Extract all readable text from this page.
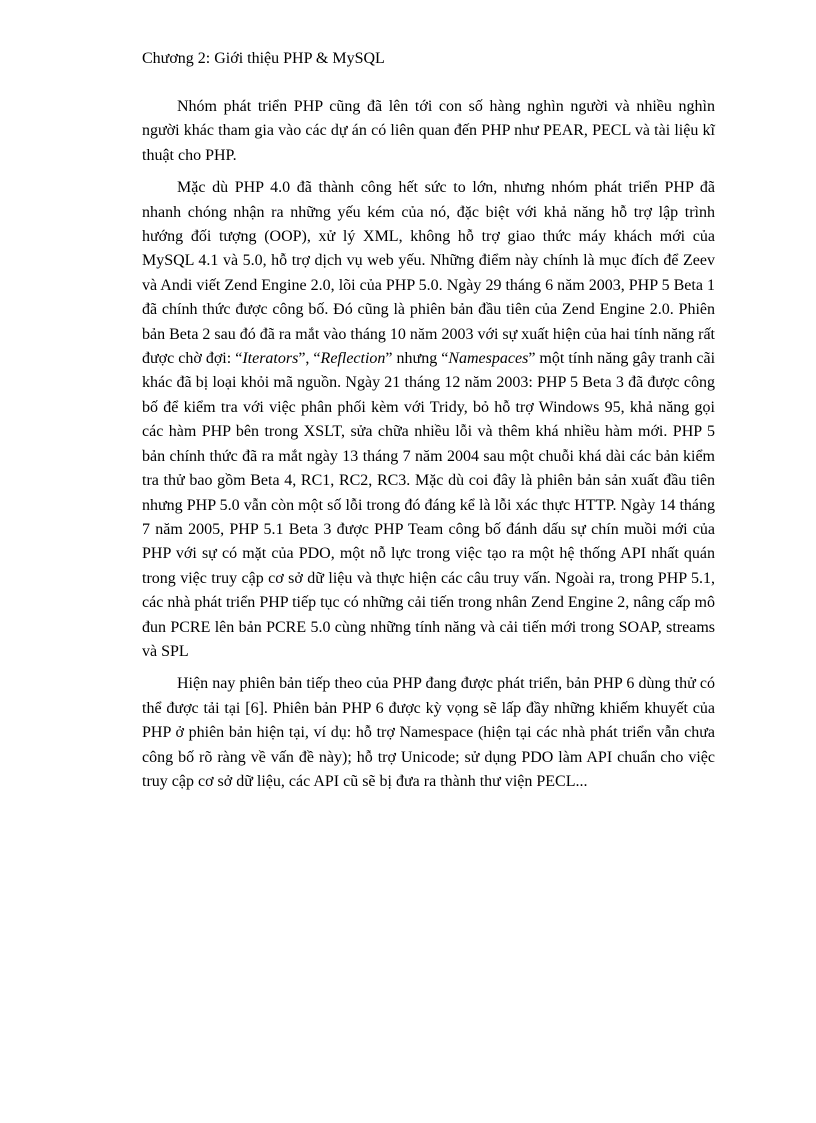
Chương 2: Giới thiệu PHP & MySQL

Nhóm phát triển PHP cũng đã lên tới con số hàng nghìn người và nhiều nghìn người khác tham gia vào các dự án có liên quan đến PHP như PEAR, PECL và tài liệu kĩ thuật cho PHP.

Mặc dù PHP 4.0 đã thành công hết sức to lớn, nhưng nhóm phát triển PHP đã nhanh chóng nhận ra những yếu kém của nó, đặc biệt với khả năng hỗ trợ lập trình hướng đối tượng (OOP), xử lý XML, không hỗ trợ giao thức máy khách mới của MySQL 4.1 và 5.0, hỗ trợ dịch vụ web yếu. Những điểm này chính là mục đích để Zeev và Andi viết Zend Engine 2.0, lõi của PHP 5.0. Ngày 29 tháng 6 năm 2003, PHP 5 Beta 1 đã chính thức được công bố. Đó cũng là phiên bản đầu tiên của Zend Engine 2.0. Phiên bản Beta 2 sau đó đã ra mắt vào tháng 10 năm 2003 với sự xuất hiện của hai tính năng rất được chờ đợi: “Iterators”, “Reflection” nhưng “Namespaces” một tính năng gây tranh cãi khác đã bị loại khỏi mã nguồn. Ngày 21 tháng 12 năm 2003: PHP 5 Beta 3 đã được công bố để kiểm tra với việc phân phối kèm với Tridy, bỏ hỗ trợ Windows 95, khả năng gọi các hàm PHP bên trong XSLT, sửa chữa nhiều lỗi và thêm khá nhiều hàm mới. PHP 5 bản chính thức đã ra mắt ngày 13 tháng 7 năm 2004 sau một chuỗi khá dài các bản kiểm tra thử bao gồm Beta 4, RC1, RC2, RC3. Mặc dù coi đây là phiên bản sản xuất đầu tiên nhưng PHP 5.0 vẫn còn một số lỗi trong đó đáng kể là lỗi xác thực HTTP. Ngày 14 tháng 7 năm 2005, PHP 5.1 Beta 3 được PHP Team công bố đánh dấu sự chín muồi mới của PHP với sự có mặt của PDO, một nỗ lực trong việc tạo ra một hệ thống API nhất quán trong việc truy cập cơ sở dữ liệu và thực hiện các câu truy vấn. Ngoài ra, trong PHP 5.1, các nhà phát triển PHP tiếp tục có những cải tiến trong nhân Zend Engine 2, nâng cấp mô đun PCRE lên bản PCRE 5.0 cùng những tính năng và cải tiến mới trong SOAP, streams và SPL

Hiện nay phiên bản tiếp theo của PHP đang được phát triển, bản PHP 6 dùng thử có thể được tải tại [6]. Phiên bản PHP 6 được kỳ vọng sẽ lấp đầy những khiếm khuyết của PHP ở phiên bản hiện tại, ví dụ: hỗ trợ Namespace (hiện tại các nhà phát triển vẫn chưa công bố rõ ràng về vấn đề này); hỗ trợ Unicode; sử dụng PDO làm API chuẩn cho việc truy cập cơ sở dữ liệu, các API cũ sẽ bị đưa ra thành thư viện PECL...
